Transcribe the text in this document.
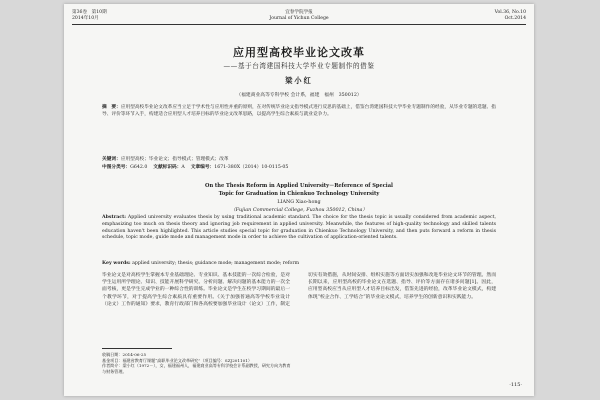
第36卷　第10期
2014年10月
宜春学院学报
Journal of Yichun College
Vol.36, No.10
Oct.2014
应用型高校毕业论文改革
——基于台湾建国科技大学毕业专题制作的借鉴
梁小红
（福建商业高等专科学校 会计系，福建　福州　350012）
摘　要：应用型高校毕业论文改革应当立足于学术性与应用性并重的原则，在对传统毕业论文指导模式进行反思的基础上，借鉴台湾建国科技大学毕业专题制作的经验，从毕业专题的选题、指导、评价等环节入手，构建适合应用型人才培养目标的毕业论文改革思路，以提高学生综合素质与就业竞争力。
关键词：应用型高校；毕业论文；指导模式；管理模式；改革
中图分类号：G642.0 文献标识码：A 文章编号：1671-380X（2014）10-0115-05
On the Thesis Reform in Applied University－Reference of Special
Topic for Graduation in Chienkuo Technology University
LIANG Xiao-hong
（Fujian Commercial College, Fuzhou 350012, China）
Abstract: Applied university evaluates thesis by using traditional academic standard. The choice for the thesis topic is usually considered from academic aspect, emphasizing too much on thesis theory and ignoring job requirement in applied university. Meanwhile, the features of high-quality technology and skilled talents education haven't been highlighted. This article studies special topic for graduation in Chienkuo Technology University, and then puts forward a reform in thesis schedule, topic mode, guide mode and management mode in order to achieve the cultivation of application-oriented talents.
Key words: applied university; thesis; guidance mode; management mode; reform

毕业论文是对高校学生掌握本专业基础理论、专业知识、基本技能的一次综合检验，是对学生运用所学理论、知识、技能开展科学研究、分析问题、解决问题的基本能力的一次全面考核，更是学生完成学业的一种综合性的训练。毕业论文是学生在校学习期间的最后一个教学环节，对于提高学生综合素质具有重要作用。《关于加强普通高等学校毕业设计（论文）工作的通知》要求，教育行政部门和各高校要加强毕业设计（论文）工作，制定切实有效措施，从时间安排、组织实施等方面切实加强和改进毕业论文环节的管理。然而长期以来，应用型高校的毕业论文在选题、指导、评价等方面存在诸多问题[1]。因此，应用型高校应当从应用型人才培养目标出发，借鉴先进的经验，改革毕业论文模式，构建体现“校企合作、工学结合”的毕业论文模式，培养学生的创新意识和实践能力。

收稿日期：2014-06-25
基金项目：福建省教育厅课题“高职毕业论文改革研究”（项目编号：SZJ201101）
作者简介：梁小红（1972－），女，福建福州人，福建商业高等专科学校会计系副教授，研究方向为教育与财务管理。
·115·
